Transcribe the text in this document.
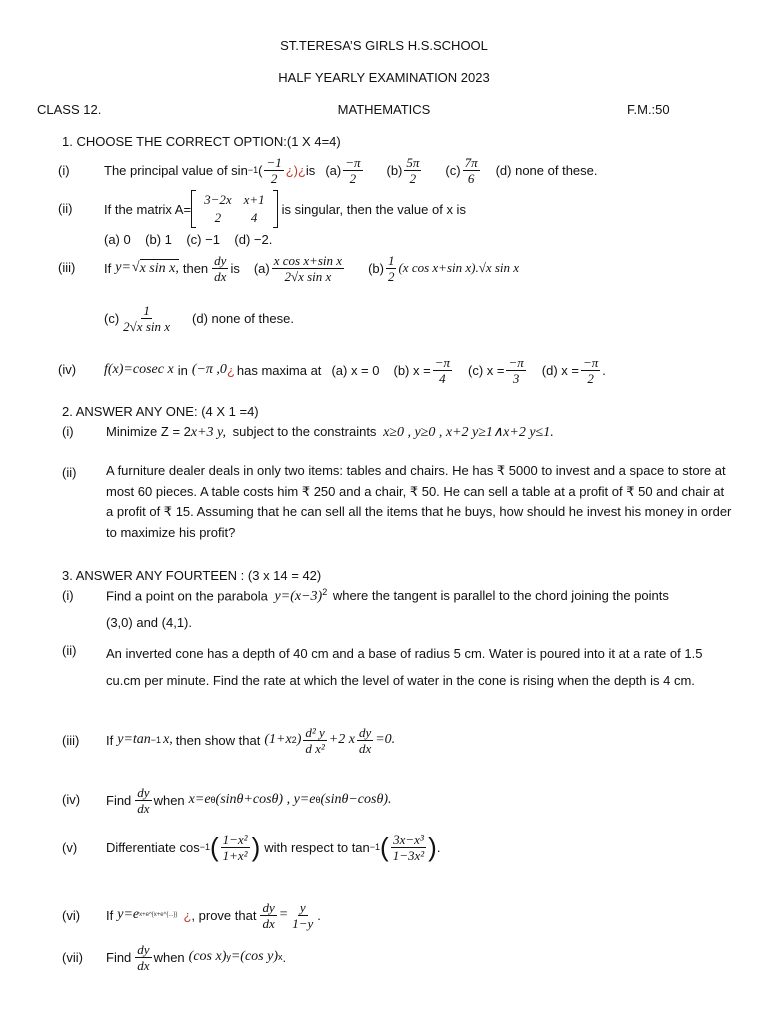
ST.TERESA’S GIRLS H.S.SCHOOL
HALF YEARLY EXAMINATION 2023
CLASS 12.	MATHEMATICS	F.M.:50
1. CHOOSE THE CORRECT OPTION:(1 X 4=4)
(i)	The principal value of sin −1 ( $\frac{-1}{2}$ ¿)¿ is $(a) \frac{-\pi}{2} (b) \frac{5\pi}{2} (c) \frac{7\pi}{6} (d)$ none of these.
(ii) If the matrix A=
3−2x	x+1
2	4
is singular, then the value of x is
(a) 0    (b) 1    (c) −1    (d) −2.
(iii) If y= √ x sin x, then $\frac{dy}{dx}$ is $(a) \frac{\text{x cos x+sin x}}{\text{2√x sin x}} (b) \frac{1}{2} (x$ cos x+sin x).√x sin x
$(c) \frac{1}{\text{2√x sin x}} (d)$ none of these.
(iv) f(x)=cosec x in (−π ,0 ¿ has maxima at (a) x = 0 (b) $x = \frac{-\pi}{4} (c) x = \frac{-\pi}{3} (d) x = \frac{-\pi}{2}$ .
2. ANSWER ANY ONE: (4 X 1 =4)
(i) Minimize Z = 2x+3 y, subject to the constraints x≥0 , y≥0 , x+2 y≥1∧x+2 y≤1.
(ii) A furniture dealer deals in only two items: tables and chairs. He has ₹ 5000 to invest and a space to store at most 60 pieces. A table costs him ₹ 250 and a chair, ₹ 50. He can sell a table at a profit of ₹ 50 and chair at a profit of ₹ 15. Assuming that he can sell all the items that he buys, how should he invest his money in order to maximize his profit?
3. ANSWER ANY FOURTEEN : (3 x 14 = 42)
(i) Find a point on the parabola $y=(x-3)^2$ where the tangent is parallel to the chord joining the points
(3,0) and (4,1).
(ii) An inverted cone has a depth of 40 cm and a base of radius 5 cm. Water is poured into it at a rate of 1.5 cu.cm per minute. Find the rate at which the level of water in the cone is rising when the depth is 4 cm.
(iii) If y=tan −1 x, then show that (1+x 2 ) $\frac{\text{d² y}}{\text{d x²}} +2$ x $\frac{dy}{dx} =0$.
(iv) Find $\frac{dy}{dx}$ when x=e θ (sinθ+cosθ) , y=e θ (sinθ−cosθ).
(v) Differentiate cos −1 ( $\frac{\text{1−x²}}{\text{1+x²}}$ ) with respect to tan −1 ( $\frac{\text{3x−x³}}{\text{1−3x²}}$ ) .
(vi) If y=e x+e^{x+e^{...}} ¿ , prove that $\frac{dy}{dx} = \frac{y}{1-y}$ .
(vii) Find $\frac{dy}{dx}$ when (cos x) y =(cos y) x .
